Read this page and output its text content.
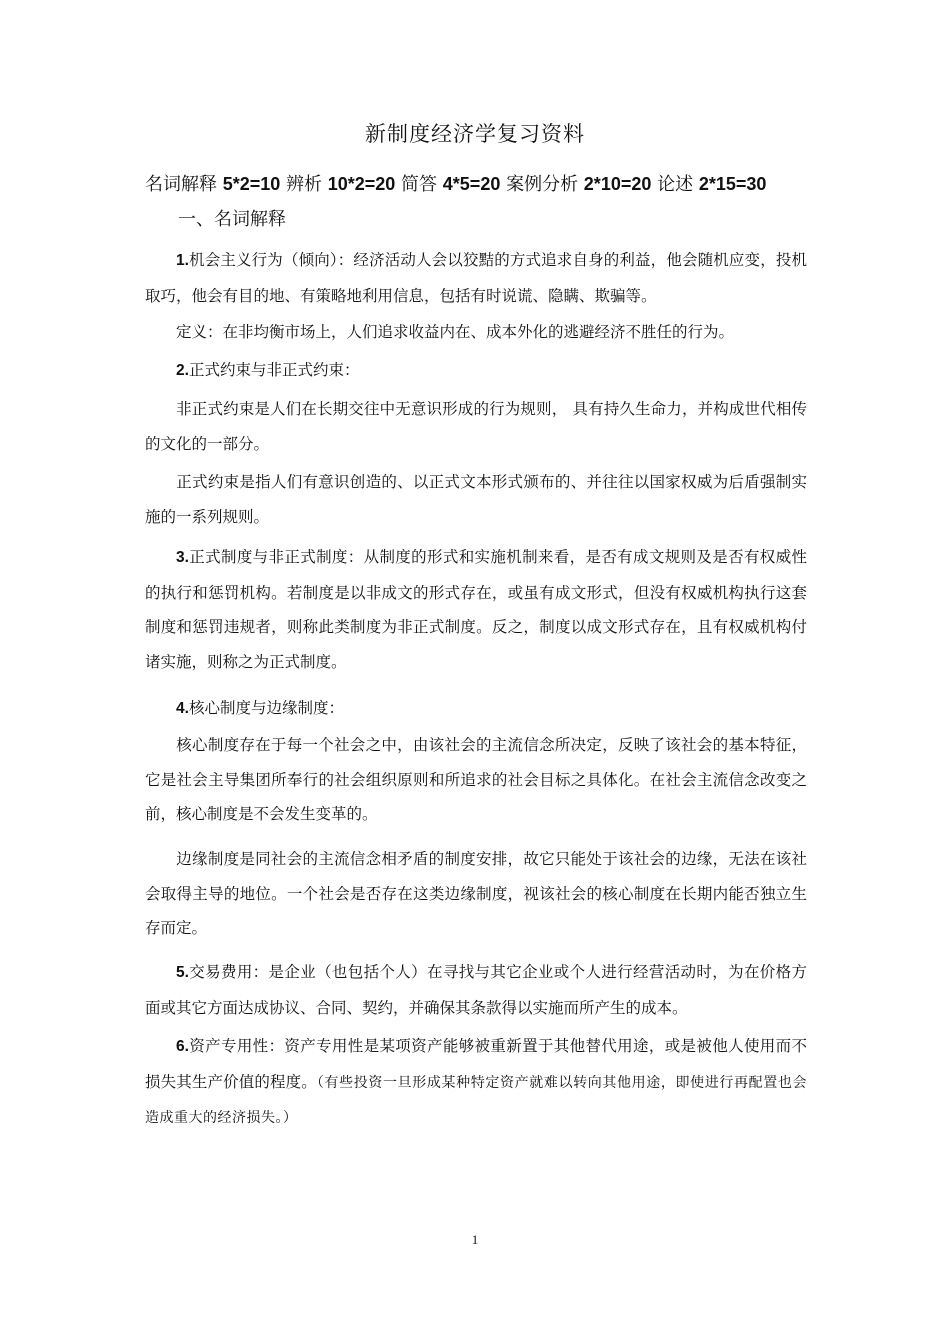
新制度经济学复习资料
名词解释 5*2=10 辨析 10*2=20 简答 4*5=20 案例分析 2*10=20 论述 2*15=30
一、名词解释
1.机会主义行为（倾向）：经济活动人会以狡黠的方式追求自身的利益，他会随机应变，投机取巧，他会有目的地、有策略地利用信息，包括有时说谎、隐瞒、欺骗等。
定义：在非均衡市场上，人们追求收益内在、成本外化的逃避经济不胜任的行为。
2.正式约束与非正式约束：
非正式约束是人们在长期交往中无意识形成的行为规则， 具有持久生命力，并构成世代相传的文化的一部分。
正式约束是指人们有意识创造的、以正式文本形式颁布的、并往往以国家权威为后盾强制实施的一系列规则。
3.正式制度与非正式制度：从制度的形式和实施机制来看，是否有成文规则及是否有权威性的执行和惩罚机构。若制度是以非成文的形式存在，或虽有成文形式，但没有权威机构执行这套制度和惩罚违规者，则称此类制度为非正式制度。反之，制度以成文形式存在，且有权威机构付诸实施，则称之为正式制度。
4.核心制度与边缘制度：
核心制度存在于每一个社会之中，由该社会的主流信念所决定，反映了该社会的基本特征，它是社会主导集团所奉行的社会组织原则和所追求的社会目标之具体化。在社会主流信念改变之前，核心制度是不会发生变革的。
边缘制度是同社会的主流信念相矛盾的制度安排，故它只能处于该社会的边缘，无法在该社会取得主导的地位。一个社会是否存在这类边缘制度，视该社会的核心制度在长期内能否独立生存而定。
5.交易费用：是企业（也包括个人）在寻找与其它企业或个人进行经营活动时，为在价格方面或其它方面达成协议、合同、契约，并确保其条款得以实施而所产生的成本。
6.资产专用性：资产专用性是某项资产能够被重新置于其他替代用途，或是被他人使用而不损失其生产价值的程度。（有些投资一旦形成某种特定资产就难以转向其他用途，即使进行再配置也会造成重大的经济损失。）
1
